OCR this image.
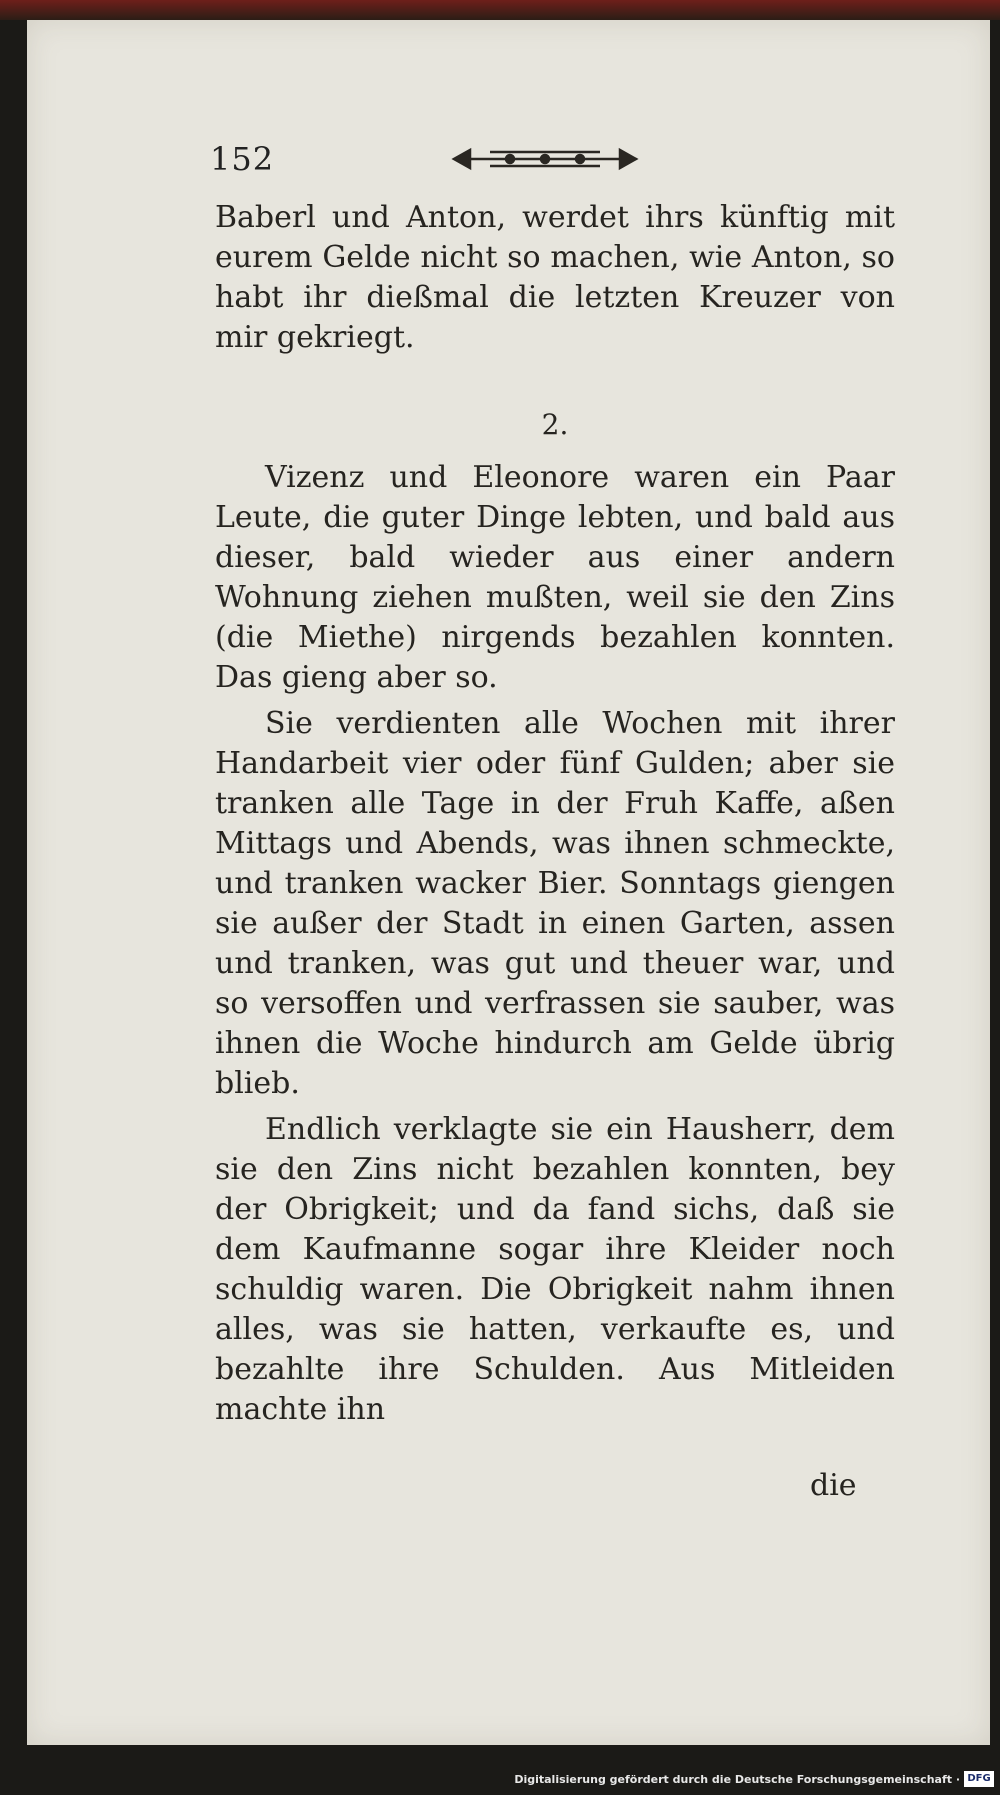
152

Baberl und Anton, werdet ihrs künftig mit eurem Gelde nicht so machen, wie Anton, so habt ihr dießmal die letzten Kreuzer von mir gekriegt.

2.

Vizenz und Eleonore waren ein Paar Leute, die guter Dinge lebten, und bald aus dieser, bald wieder aus einer andern Wohnung ziehen mußten, weil sie den Zins (die Miethe) nirgends bezahlen konnten. Das gieng aber so.

Sie verdienten alle Wochen mit ihrer Handarbeit vier oder fünf Gulden; aber sie tranken alle Tage in der Fruh Kaffe, aßen Mittags und Abends, was ihnen schmeckte, und tranken wacker Bier. Sonntags giengen sie außer der Stadt in einen Garten, assen und tranken, was gut und theuer war, und so versoffen und verfrassen sie sauber, was ihnen die Woche hindurch am Gelde übrig blieb.

Endlich verklagte sie ein Hausherr, dem sie den Zins nicht bezahlen konnten, bey der Obrigkeit; und da fand sichs, daß sie dem Kaufmanne sogar ihre Kleider noch schuldig waren. Die Obrigkeit nahm ihnen alles, was sie hatten, verkaufte es, und bezahlte ihre Schulden. Aus Mitleiden machte ihn

die
Digitalisierung gefördert durch die Deutsche Forschungsgemeinschaft · DFG
